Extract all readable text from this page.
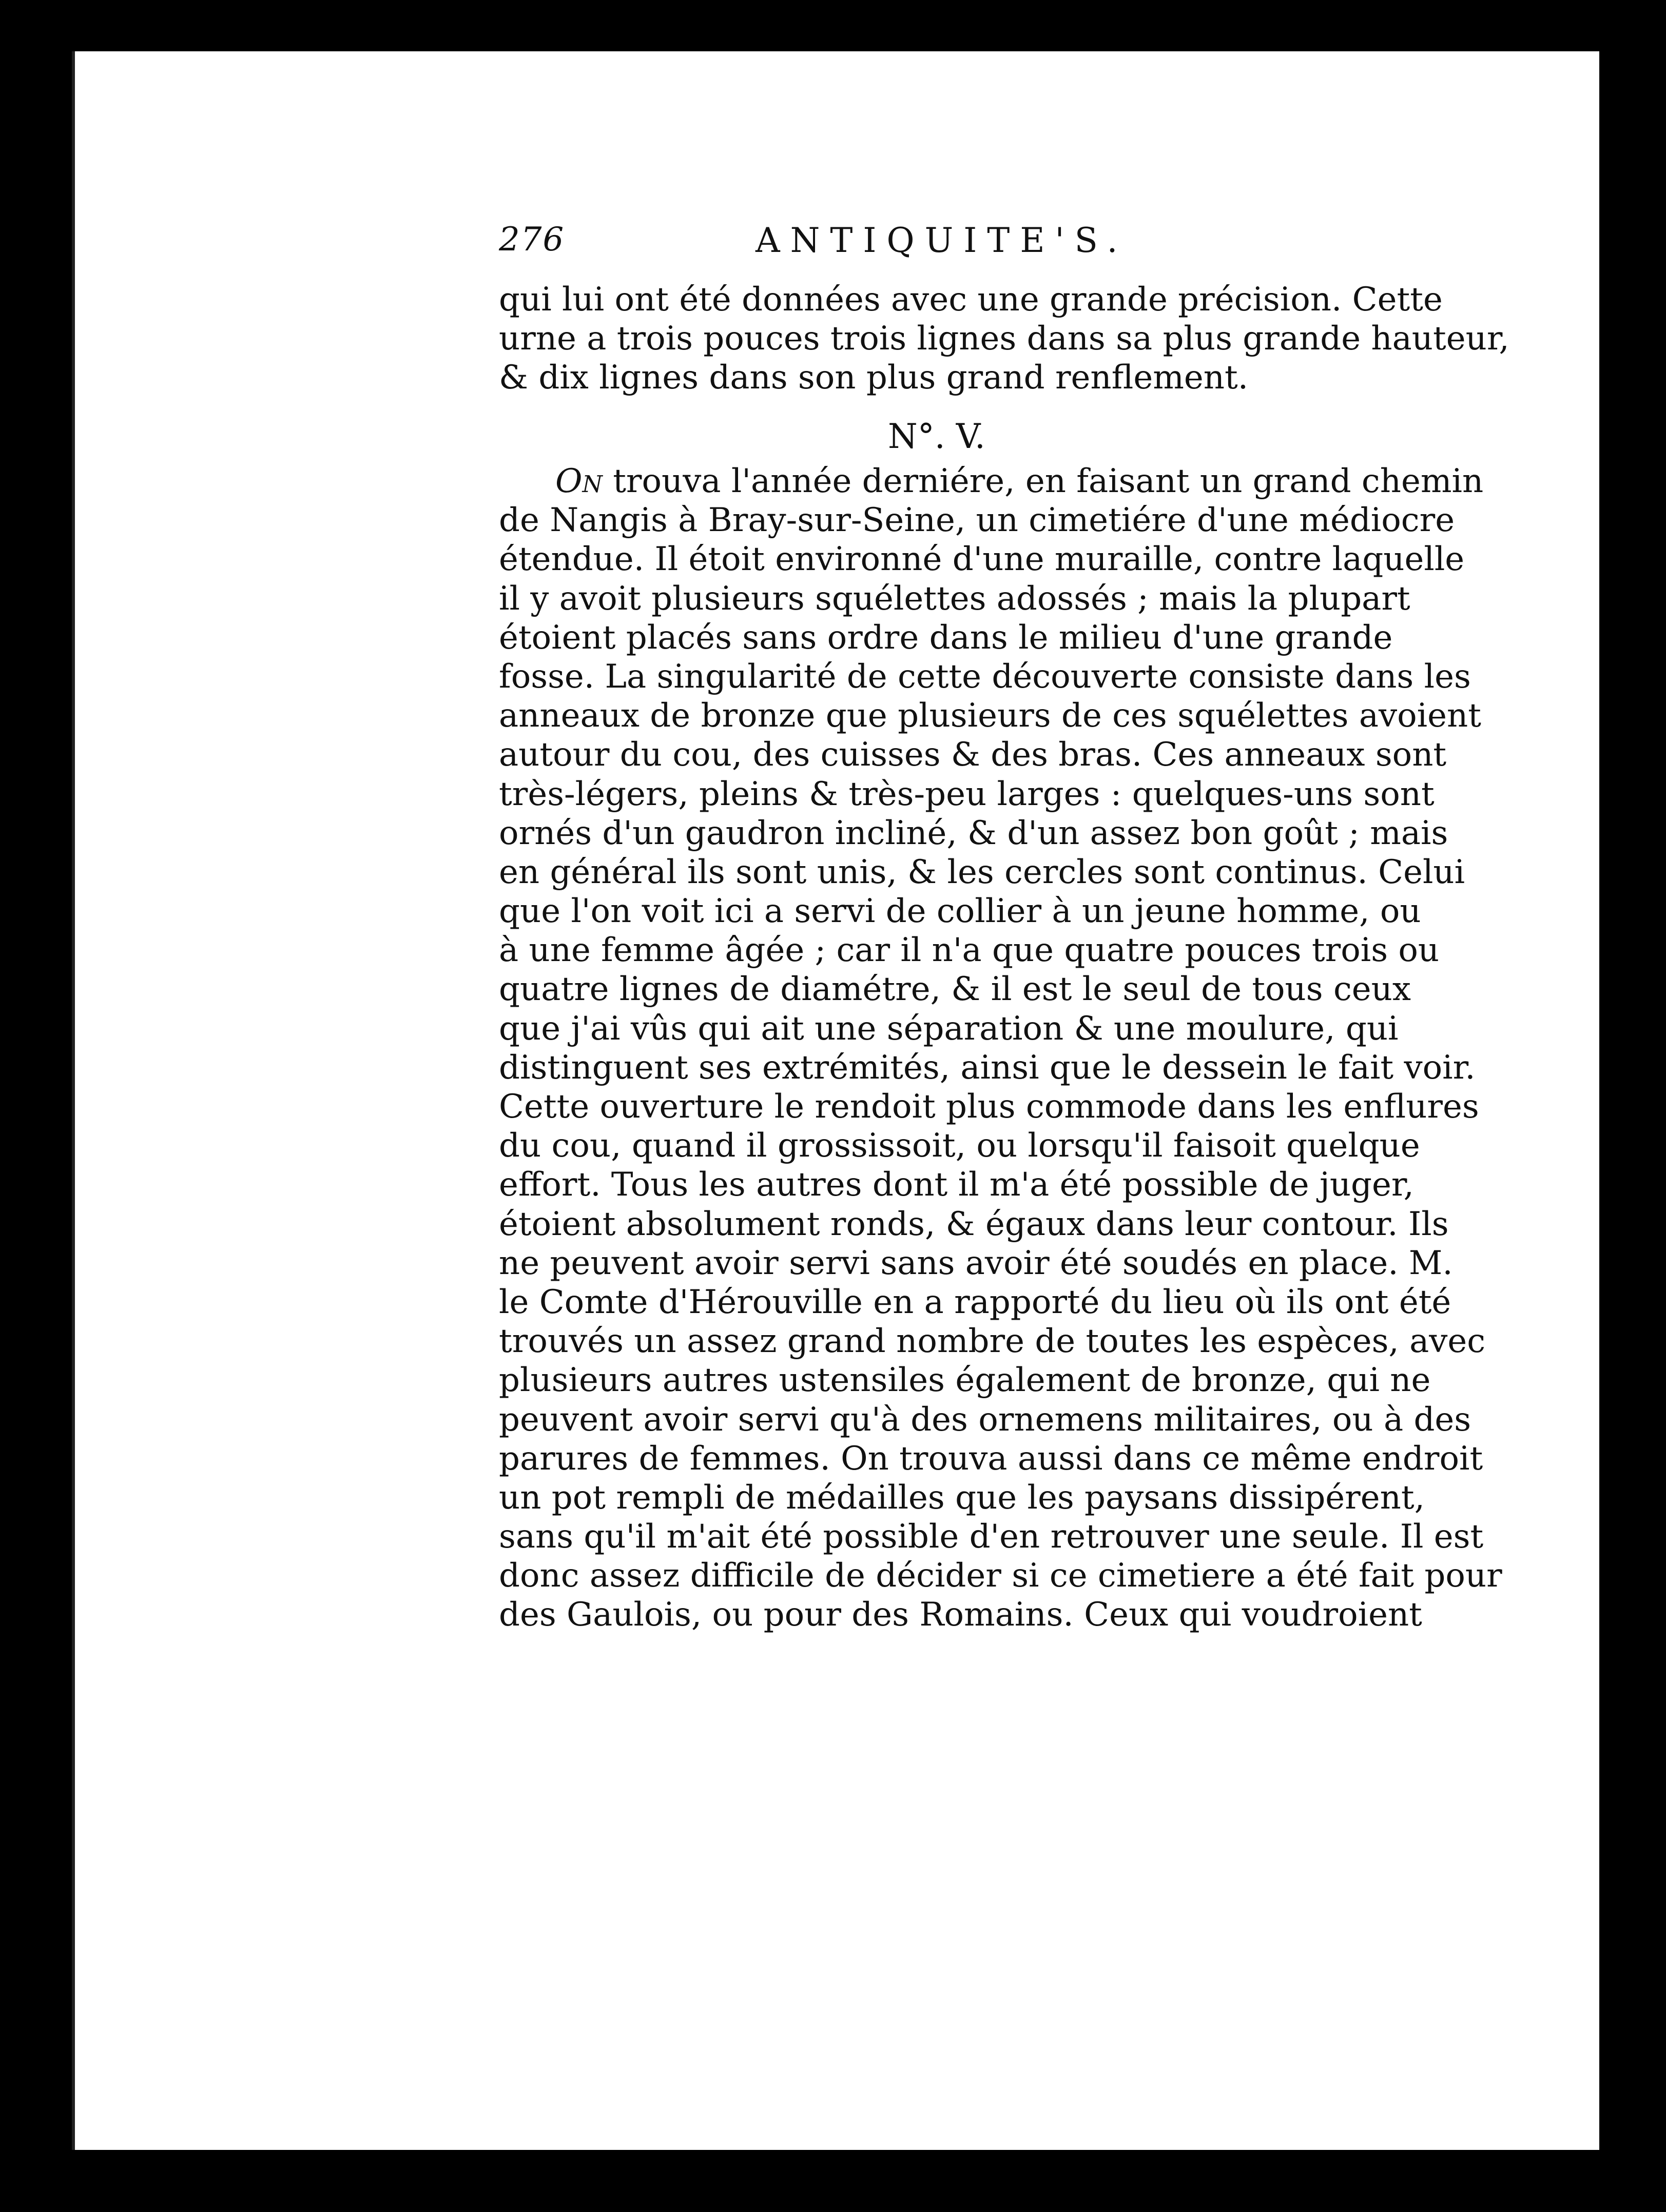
276	ANTIQUITE'S.
qui lui ont été données avec une grande précision. Cette
urne a trois pouces trois lignes dans sa plus grande hauteur,
& dix lignes dans son plus grand renflement.
N°. V.
On trouva l'année derniére, en faisant un grand chemin
de Nangis à Bray-sur-Seine, un cimetiére d'une médiocre
étendue. Il étoit environné d'une muraille, contre laquelle
il y avoit plusieurs squélettes adossés ; mais la plupart
étoient placés sans ordre dans le milieu d'une grande
fosse. La singularité de cette découverte consiste dans les
anneaux de bronze que plusieurs de ces squélettes avoient
autour du cou, des cuisses & des bras. Ces anneaux sont
très-légers, pleins & très-peu larges : quelques-uns sont
ornés d'un gaudron incliné, & d'un assez bon goût ; mais
en général ils sont unis, & les cercles sont continus. Celui
que l'on voit ici a servi de collier à un jeune homme, ou
à une femme âgée ; car il n'a que quatre pouces trois ou
quatre lignes de diamétre, & il est le seul de tous ceux
que j'ai vûs qui ait une séparation & une moulure, qui
distinguent ses extrémités, ainsi que le dessein le fait voir.
Cette ouverture le rendoit plus commode dans les enflures
du cou, quand il grossissoit, ou lorsqu'il faisoit quelque
effort. Tous les autres dont il m'a été possible de juger,
étoient absolument ronds, & égaux dans leur contour. Ils
ne peuvent avoir servi sans avoir été soudés en place. M.
le Comte d'Hérouville en a rapporté du lieu où ils ont été
trouvés un assez grand nombre de toutes les espèces, avec
plusieurs autres ustensiles également de bronze, qui ne
peuvent avoir servi qu'à des ornemens militaires, ou à des
parures de femmes. On trouva aussi dans ce même endroit
un pot rempli de médailles que les paysans dissipérent,
sans qu'il m'ait été possible d'en retrouver une seule. Il est
donc assez difficile de décider si ce cimetiere a été fait pour
des Gaulois, ou pour des Romains. Ceux qui voudroient
